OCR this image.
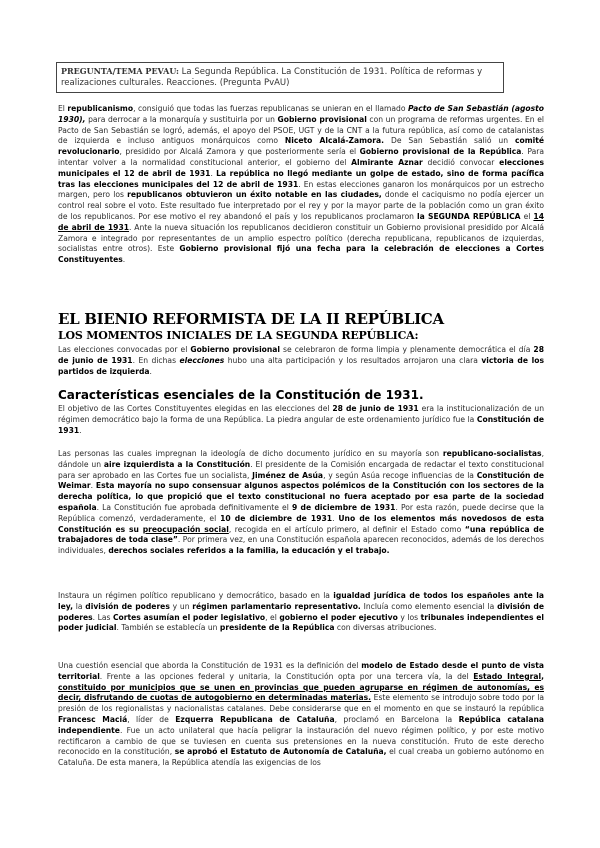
PREGUNTA/TEMA PEVAU: La Segunda República. La Constitución de 1931. Política de reformas y realizaciones culturales. Reacciones. (Pregunta PvAU)
El republicanismo, consiguió que todas las fuerzas republicanas se unieran en el llamado Pacto de San Sebastián (agosto 1930), para derrocar a la monarquía y sustituirla por un Gobierno provisional con un programa de reformas urgentes. En el Pacto de San Sebastián se logró, además, el apoyo del PSOE, UGT y de la CNT a la futura república, así como de catalanistas de izquierda e incluso antiguos monárquicos como Niceto Alcalá-Zamora. De San Sebastián salió un comité revolucionario, presidido por Alcalá Zamora y que posteriormente sería el Gobierno provisional de la República. Para intentar volver a la normalidad constitucional anterior, el gobierno del Almirante Aznar decidió convocar elecciones municipales el 12 de abril de 1931. La república no llegó mediante un golpe de estado, sino de forma pacífica tras las elecciones municipales del 12 de abril de 1931. En estas elecciones ganaron los monárquicos por un estrecho margen, pero los republicanos obtuvieron un éxito notable en las ciudades, donde el caciquismo no podía ejercer un control real sobre el voto. Este resultado fue interpretado por el rey y por la mayor parte de la población como un gran éxito de los republicanos. Por ese motivo el rey abandonó el país y los republicanos proclamaron la SEGUNDA REPÚBLICA el 14 de abril de 1931. Ante la nueva situación los republicanos decidieron constituir un Gobierno provisional presidido por Alcalá Zamora e integrado por representantes de un amplio espectro político (derecha republicana, republicanos de izquierdas, socialistas entre otros). Este Gobierno provisional fijó una fecha para la celebración de elecciones a Cortes Constituyentes.
EL BIENIO REFORMISTA DE LA II REPÚBLICA
LOS MOMENTOS INICIALES DE LA SEGUNDA REPÚBLICA:
Las elecciones convocadas por el Gobierno provisional se celebraron de forma limpia y plenamente democrática el día 28 de junio de 1931. En dichas elecciones hubo una alta participación y los resultados arrojaron una clara victoria de los partidos de izquierda.
Características esenciales de la Constitución de 1931.
El objetivo de las Cortes Constituyentes elegidas en las elecciones del 28 de junio de 1931 era la institucionalización de un régimen democrático bajo la forma de una República. La piedra angular de este ordenamiento jurídico fue la Constitución de 1931.
Las personas las cuales impregnan la ideología de dicho documento jurídico en su mayoría son republicano-socialistas, dándole un aire izquierdista a la Constitución. El presidente de la Comisión encargada de redactar el texto constitucional para ser aprobado en las Cortes fue un socialista, Jiménez de Asúa, y según Asúa recoge influencias de la Constitución de Weimar. Esta mayoría no supo consensuar algunos aspectos polémicos de la Constitución con los sectores de la derecha política, lo que propició que el texto constitucional no fuera aceptado por esa parte de la sociedad española. La Constitución fue aprobada definitivamente el 9 de diciembre de 1931. Por esta razón, puede decirse que la República comenzó, verdaderamente, el 10 de diciembre de 1931. Uno de los elementos más novedosos de esta Constitución es su preocupación social, recogida en el artículo primero, al definir el Estado como “una república de trabajadores de toda clase”. Por primera vez, en una Constitución española aparecen reconocidos, además de los derechos individuales, derechos sociales referidos a la familia, la educación y el trabajo.
Instaura un régimen político republicano y democrático, basado en la igualdad jurídica de todos los españoles ante la ley, la división de poderes y un régimen parlamentario representativo. Incluía como elemento esencial la división de poderes. Las Cortes asumían el poder legislativo, el gobierno el poder ejecutivo y los tribunales independientes el poder judicial. También se establecía un presidente de la República con diversas atribuciones.
Una cuestión esencial que aborda la Constitución de 1931 es la definición del modelo de Estado desde el punto de vista territorial. Frente a las opciones federal y unitaria, la Constitución opta por una tercera vía, la del Estado Integral, constituido por municipios que se unen en provincias que pueden agruparse en régimen de autonomías, es decir, disfrutando de cuotas de autogobierno en determinadas materias. Este elemento se introdujo sobre todo por la presión de los regionalistas y nacionalistas catalanes. Debe considerarse que en el momento en que se instauró la república Francesc Maciá, líder de Ezquerra Republicana de Cataluña, proclamó en Barcelona la República catalana independiente. Fue un acto unilateral que hacía peligrar la instauración del nuevo régimen político, y por este motivo rectificaron a cambio de que se tuviesen en cuenta sus pretensiones en la nueva constitución. Fruto de este derecho reconocido en la constitución, se aprobó el Estatuto de Autonomía de Cataluña, el cual creaba un gobierno autónomo en Cataluña. De esta manera, la República atendía las exigencias de los
